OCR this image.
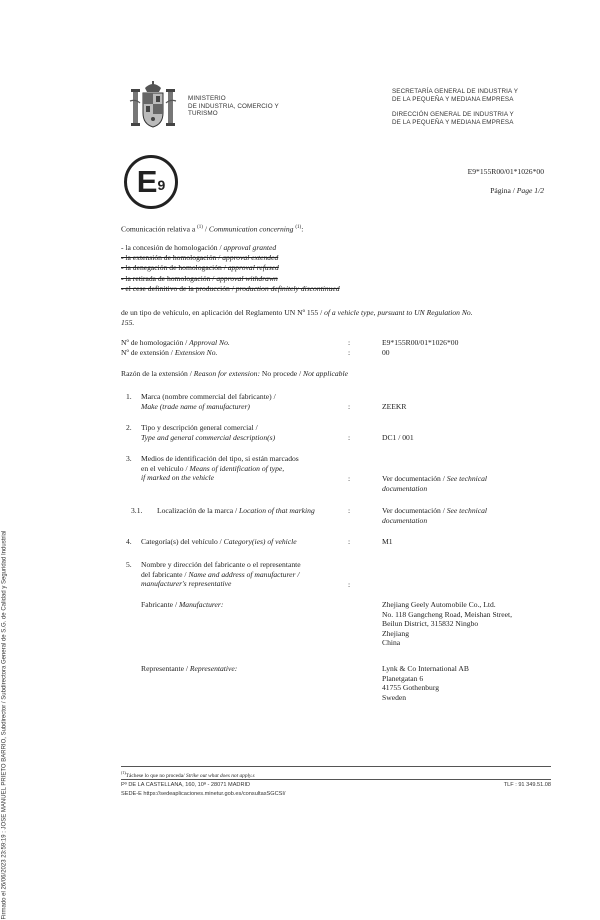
Firmado el 26/06/2023 23:59:19 : JOSE MANUEL PRIETO BARRIO, Subdirector / Subdirectora General de S.G. de Calidad y Seguridad Industrial
MINISTERIO
DE INDUSTRIA, COMERCIO Y
TURISMO
SECRETARÍA GENERAL DE INDUSTRIA Y
DE LA PEQUEÑA Y MEDIANA EMPRESA
DIRECCIÓN GENERAL DE INDUSTRIA Y
DE LA PEQUEÑA Y MEDIANA EMPRESA
E9
E9*155R00/01*1026*00
Página / Page 1/2
Comunicación relativa a $^{(1)}$ / Communication concerning $^{(1)}$:
- la concesión de homologación / approval granted
- la extensión de homologación / approval extended
- la denegación de homologación / approval refused
- la retirada de homologación / approval withdrawn
- el cese definitivo de la producción / production definitely discontinued
de un tipo de vehículo, en aplicación del Reglamento UN Nº 155 / of a vehicle type, pursuant to UN Regulation No.
155.
Nº de homologación / Approval No.	:	E9*155R00/01*1026*00
Nº de extensión / Extension No.	:	00
Razón de la extensión / Reason for extension: No procede / Not applicable
1. Marca (nombre commercial del fabricante) /
Make (trade name of manufacturer)	:	ZEEKR
2. Tipo y descripción general comercial /
Type and general commercial description(s)	:	DC1 / 001
3. Medios de identificación del tipo, si están marcados
en el vehículo / Means of identification of type,
if marked on the vehicle	:	Ver documentación / See technical
documentation
3.1. Localización de la marca / Location of that marking	:	Ver documentación / See technical
documentation
4. Categoría(s) del vehículo / Category(ies) of vehicle	:	M1
5. Nombre y dirección del fabricante o el representante
del fabricante / Name and address of manufacturer /
manufacturer's representative	:
Fabricante / Manufacturer:	Zhejiang Geely Automobile Co., Ltd.
No. 118 Gangcheng Road, Meishan Street,
Beilun District, 315832 Ningbo
Zhejiang
China
Representante / Representative:	Lynk & Co International AB
Planetgatan 6
41755 Gothenburg
Sweden
$^{(1)}$Táchese lo que no proceda/ Strike out what does not apply.s
Pº DE LA CASTELLANA, 160, 10ª - 28071 MADRID
SEDE-E https://sedeaplicaciones.minetur.gob.es/consultasSGCSI/
TLF : 91 349.51.08
